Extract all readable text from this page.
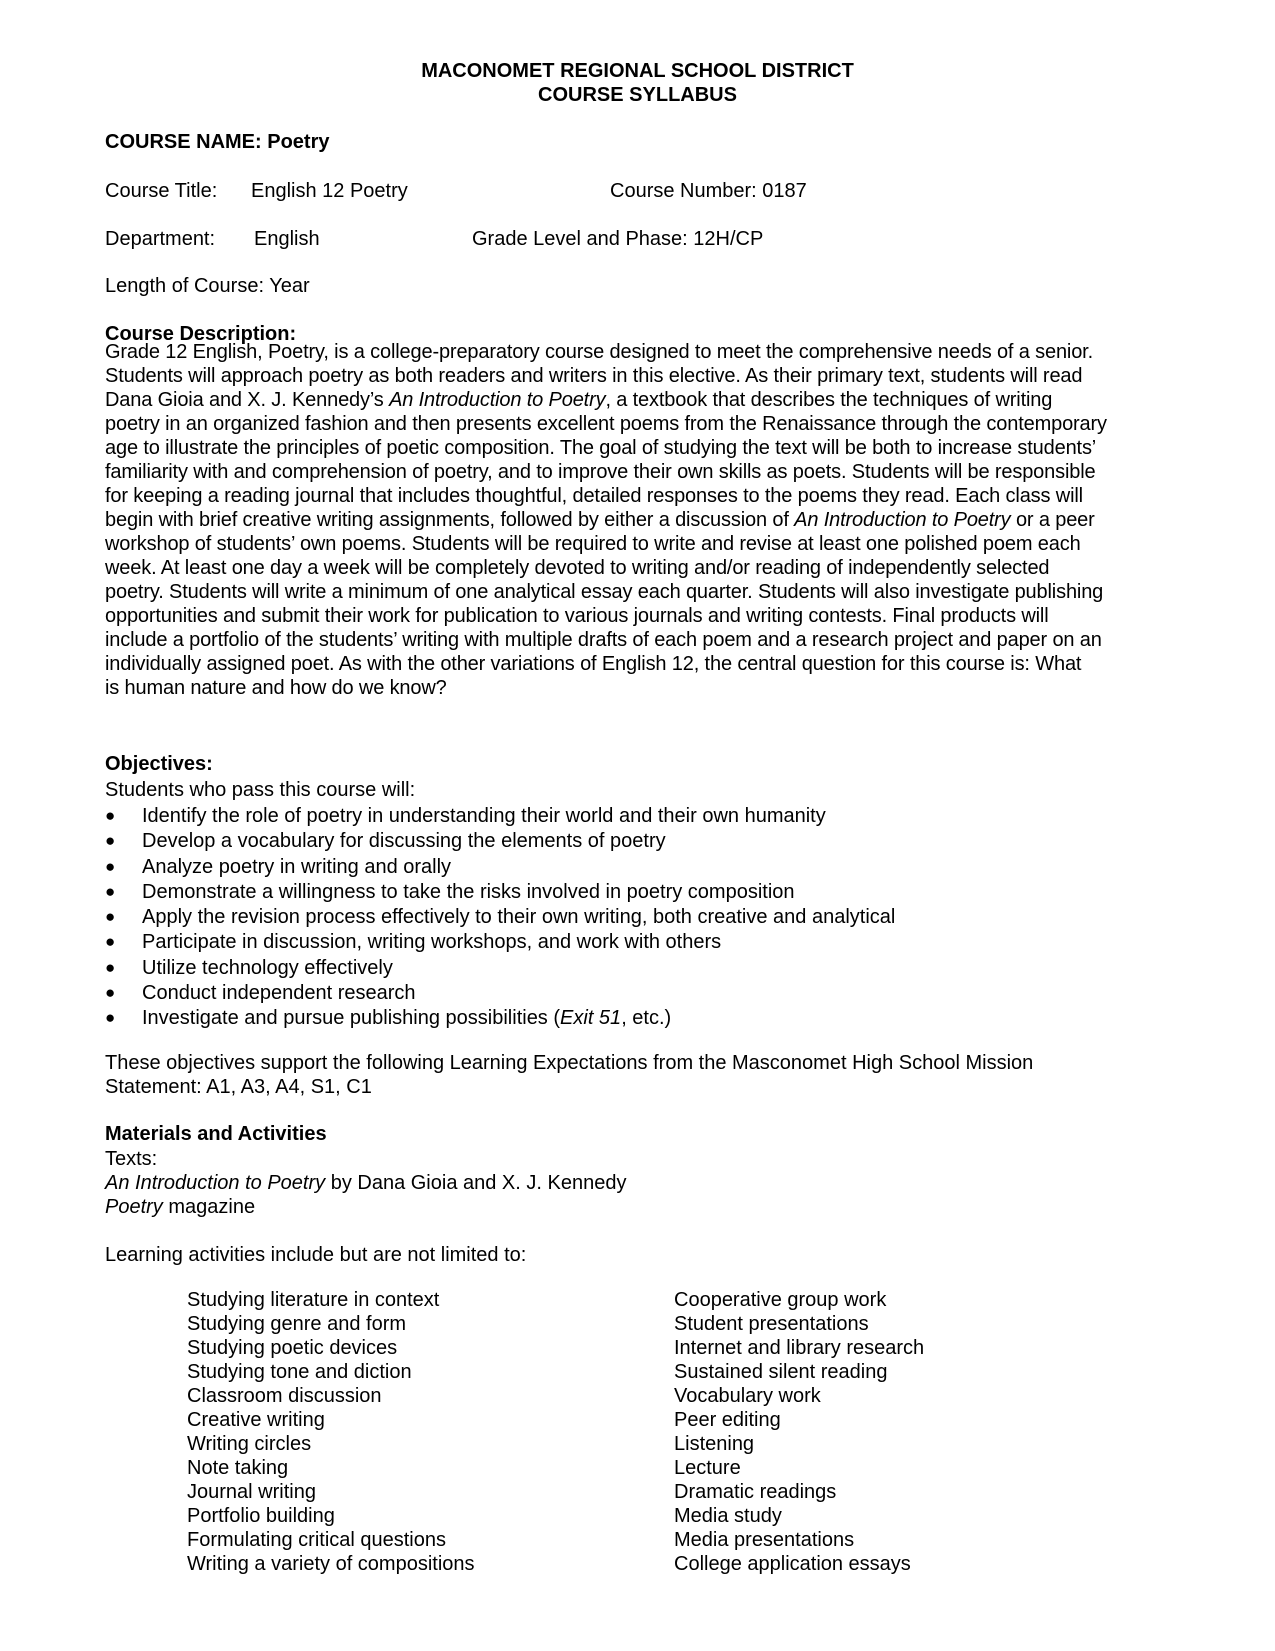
MACONOMET REGIONAL SCHOOL DISTRICT
COURSE SYLLABUS
COURSE NAME: Poetry
Course Title: English 12 Poetry	Course Number: 0187
Department: English	Grade Level and Phase: 12H/CP
Length of Course: Year
Course Description:
Grade 12 English, Poetry, is a college-preparatory course designed to meet the comprehensive needs of a senior.
Students will approach poetry as both readers and writers in this elective. As their primary text, students will read
Dana Gioia and X. J. Kennedy’s An Introduction to Poetry, a textbook that describes the techniques of writing
poetry in an organized fashion and then presents excellent poems from the Renaissance through the contemporary
age to illustrate the principles of poetic composition. The goal of studying the text will be both to increase students’
familiarity with and comprehension of poetry, and to improve their own skills as poets. Students will be responsible
for keeping a reading journal that includes thoughtful, detailed responses to the poems they read. Each class will
begin with brief creative writing assignments, followed by either a discussion of An Introduction to Poetry or a peer
workshop of students’ own poems. Students will be required to write and revise at least one polished poem each
week. At least one day a week will be completely devoted to writing and/or reading of independently selected
poetry. Students will write a minimum of one analytical essay each quarter. Students will also investigate publishing
opportunities and submit their work for publication to various journals and writing contests. Final products will
include a portfolio of the students’ writing with multiple drafts of each poem and a research project and paper on an
individually assigned poet. As with the other variations of English 12, the central question for this course is: What
is human nature and how do we know?
Objectives:
Students who pass this course will:
● Identify the role of poetry in understanding their world and their own humanity
● Develop a vocabulary for discussing the elements of poetry
● Analyze poetry in writing and orally
● Demonstrate a willingness to take the risks involved in poetry composition
● Apply the revision process effectively to their own writing, both creative and analytical
● Participate in discussion, writing workshops, and work with others
● Utilize technology effectively
● Conduct independent research
● Investigate and pursue publishing possibilities (Exit 51, etc.)
These objectives support the following Learning Expectations from the Masconomet High School Mission
Statement: A1, A3, A4, S1, C1
Materials and Activities
Texts:
An Introduction to Poetry by Dana Gioia and X. J. Kennedy
Poetry magazine
Learning activities include but are not limited to:
Studying literature in context
Studying genre and form
Studying poetic devices
Studying tone and diction
Classroom discussion
Creative writing
Writing circles
Note taking
Journal writing
Portfolio building
Formulating critical questions
Writing a variety of compositions
Cooperative group work
Student presentations
Internet and library research
Sustained silent reading
Vocabulary work
Peer editing
Listening
Lecture
Dramatic readings
Media study
Media presentations
College application essays
